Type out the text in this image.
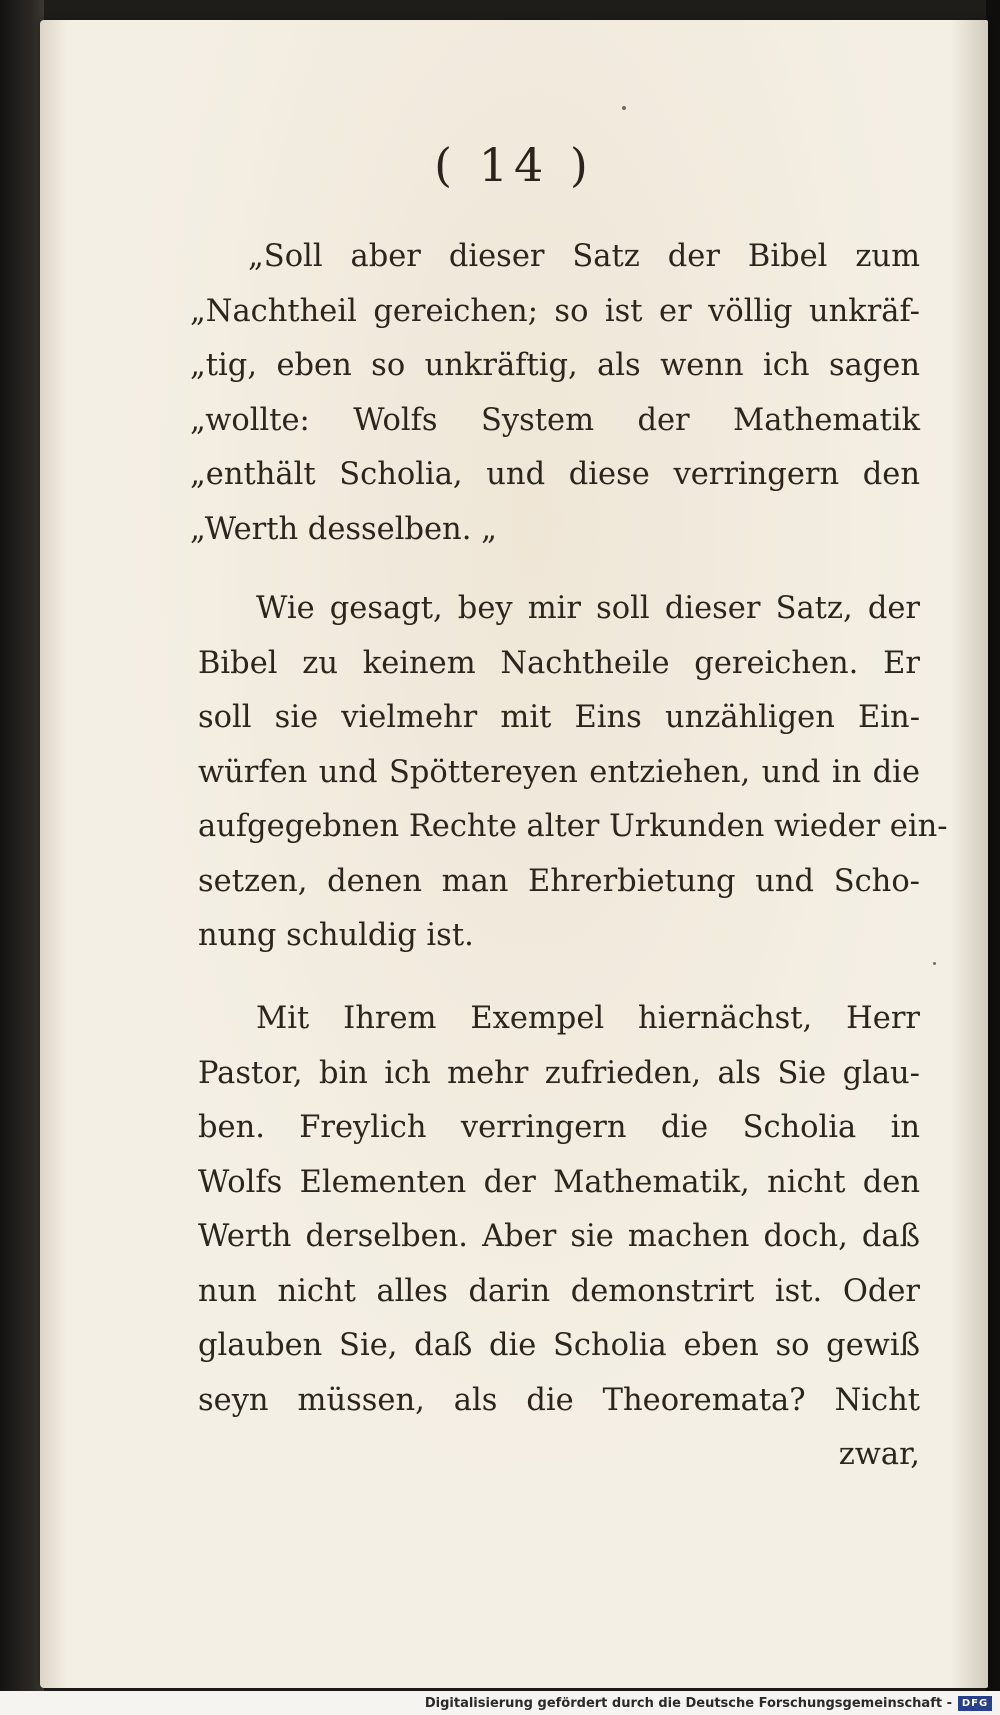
( 14 )
„Soll aber dieser Satz der Bibel zum
„Nachtheil gereichen; so ist er völlig unkräf-
„tig, eben so unkräftig, als wenn ich sagen
„wollte: Wolfs System der Mathematik
„enthält Scholia, und diese verringern den
„Werth desselben. „
Wie gesagt, bey mir soll dieser Satz, der
Bibel zu keinem Nachtheile gereichen. Er
soll sie vielmehr mit Eins unzähligen Ein-
würfen und Spöttereyen entziehen, und in die
aufgegebnen Rechte alter Urkunden wieder ein-
setzen, denen man Ehrerbietung und Scho-
nung schuldig ist.
Mit Ihrem Exempel hiernächst, Herr
Pastor, bin ich mehr zufrieden, als Sie glau-
ben. Freylich verringern die Scholia in
Wolfs Elementen der Mathematik, nicht den
Werth derselben. Aber sie machen doch, daß
nun nicht alles darin demonstrirt ist. Oder
glauben Sie, daß die Scholia eben so gewiß
seyn müssen, als die Theoremata? Nicht
zwar,
Digitalisierung gefördert durch die Deutsche Forschungsgemeinschaft - DFG
